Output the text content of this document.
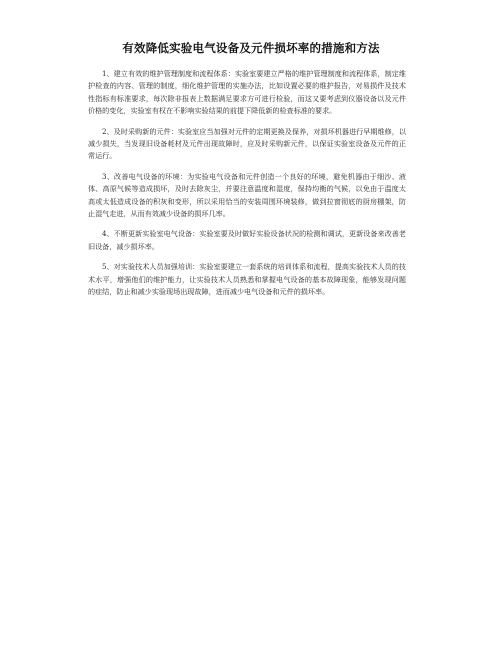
有效降低实验电气设备及元件损坏率的措施和方法

1、建立有效的维护管理制度和流程体系：实验室要建立严格的维护管理制度和流程体系，制定维护检查的内容、管理的制度，细化维护管理的实施办法，比如设置必要的维护报告，对易损件及技术性指标有标准要求，每次除非报表上数据满足要求方可进行检验，而这又要考虑到仪器设备以及元件价格的变化，实验室有权在不影响实验结果的前提下降低新的检查标准的要求。

2、及时采购新的元件：实验室应当加强对元件的定期更换及保养，对损坏机器进行早期维修，以减少损失，当发现旧设备耗材及元件出现故障时，应及时采购新元件，以保证实验室设备及元件的正常运行。

3、改善电气设备的环境：为实验电气设备和元件创造一个良好的环境，避免机器由于细沙、液体、高原气候等造成损坏，及时去除灰尘，并要注意温度和湿度，保持均衡的气候，以免由于温度太高或太低造成设备的积灰和变形，所以采用恰当的安装周围环境装修，做到拉窗彻底的厨房棚架，防止湿气走进，从而有效减少设备的损坏几率。

4、不断更新实验室电气设备：实验室要及时做好实验设备状况的检测和调试，更新设备来改善老旧设备，减少损坏率。

5、对实验技术人员加强培训：实验室要建立一套系统的培训体系和流程，提高实验技术人员的技术水平，增强他们的维护能力，让实验技术人员熟悉和掌握电气设备的基本故障现象，能够发现问题的症结，防止和减少实验现场出现故障，进而减少电气设备和元件的损坏率。
